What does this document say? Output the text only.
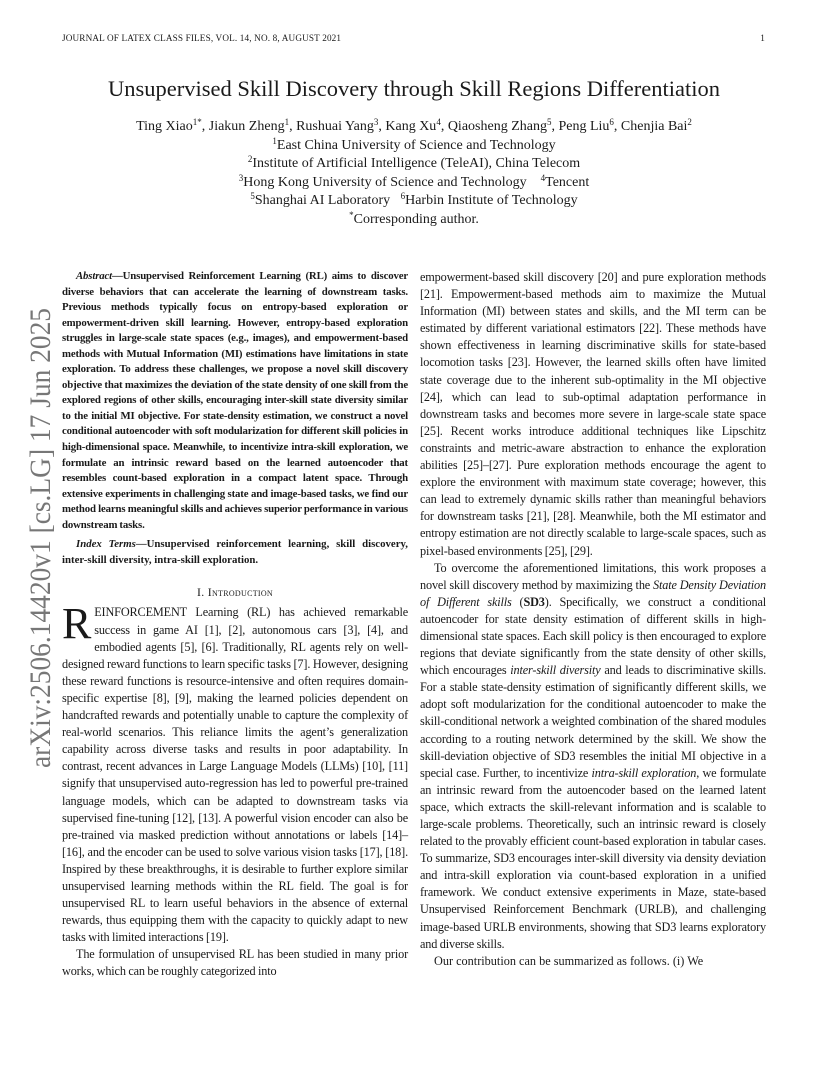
JOURNAL OF LATEX CLASS FILES, VOL. 14, NO. 8, AUGUST 2021	1
arXiv:2506.14420v1 [cs.LG] 17 Jun 2025
Unsupervised Skill Discovery through Skill Regions Differentiation
Ting Xiao$^{1*}$, Jiakun Zheng$^1$, Rushuai Yang$^3$, Kang Xu$^4$, Qiaosheng Zhang$^5$, Peng Liu$^6$, Chenjia Bai$^2$
$^1$East China University of Science and Technology
$^2$Institute of Artificial Intelligence (TeleAI), China Telecom
$^3$Hong Kong University of Science and Technology $^4$Tencent
$^5$Shanghai AI Laboratory $^6$Harbin Institute of Technology
*Corresponding author.

Abstract—Unsupervised Reinforcement Learning (RL) aims to discover diverse behaviors that can accelerate the learning of downstream tasks. Previous methods typically focus on entropy-based exploration or empowerment-driven skill learning. However, entropy-based exploration struggles in large-scale state spaces (e.g., images), and empowerment-based methods with Mutual Information (MI) estimations have limitations in state exploration. To address these challenges, we propose a novel skill discovery objective that maximizes the deviation of the state density of one skill from the explored regions of other skills, encouraging inter-skill state diversity similar to the initial MI objective. For state-density estimation, we construct a novel conditional autoencoder with soft modularization for different skill policies in high-dimensional space. Meanwhile, to incentivize intra-skill exploration, we formulate an intrinsic reward based on the learned autoencoder that resembles count-based exploration in a compact latent space. Through extensive experiments in challenging state and image-based tasks, we find our method learns meaningful skills and achieves superior performance in various downstream tasks.

Index Terms—Unsupervised reinforcement learning, skill discovery, inter-skill diversity, intra-skill exploration.

I. Introduction

REINFORCEMENT Learning (RL) has achieved remarkable success in game AI [1], [2], autonomous cars [3], [4], and embodied agents [5], [6]. Traditionally, RL agents rely on well-designed reward functions to learn specific tasks [7]. However, designing these reward functions is resource-intensive and often requires domain-specific expertise [8], [9], making the learned policies dependent on handcrafted rewards and potentially unable to capture the complexity of real-world scenarios. This reliance limits the agent’s generalization capability across diverse tasks and results in poor adaptability. In contrast, recent advances in Large Language Models (LLMs) [10], [11] signify that unsupervised auto-regression has led to powerful pre-trained language models, which can be adapted to downstream tasks via supervised fine-tuning [12], [13]. A powerful vision encoder can also be pre-trained via masked prediction without annotations or labels [14]–[16], and the encoder can be used to solve various vision tasks [17], [18]. Inspired by these breakthroughs, it is desirable to further explore similar unsupervised learning methods within the RL field. The goal is for unsupervised RL to learn useful behaviors in the absence of external rewards, thus equipping them with the capacity to quickly adapt to new tasks with limited interactions [19].

The formulation of unsupervised RL has been studied in many prior works, which can be roughly categorized into

empowerment-based skill discovery [20] and pure exploration methods [21]. Empowerment-based methods aim to maximize the Mutual Information (MI) between states and skills, and the MI term can be estimated by different variational estimators [22]. These methods have shown effectiveness in learning discriminative skills for state-based locomotion tasks [23]. However, the learned skills often have limited state coverage due to the inherent sub-optimality in the MI objective [24], which can lead to sub-optimal adaptation performance in downstream tasks and becomes more severe in large-scale state space [25]. Recent works introduce additional techniques like Lipschitz constraints and metric-aware abstraction to enhance the exploration abilities [25]–[27]. Pure exploration methods encourage the agent to explore the environment with maximum state coverage; however, this can lead to extremely dynamic skills rather than meaningful behaviors for downstream tasks [21], [28]. Meanwhile, both the MI estimator and entropy estimation are not directly scalable to large-scale spaces, such as pixel-based environments [25], [29].

To overcome the aforementioned limitations, this work proposes a novel skill discovery method by maximizing the State Density Deviation of Different skills (SD3). Specifically, we construct a conditional autoencoder for state density estimation of different skills in high-dimensional state spaces. Each skill policy is then encouraged to explore regions that deviate significantly from the state density of other skills, which encourages inter-skill diversity and leads to discriminative skills. For a stable state-density estimation of significantly different skills, we adopt soft modularization for the conditional autoencoder to make the skill-conditional network a weighted combination of the shared modules according to a routing network determined by the skill. We show the skill-deviation objective of SD3 resembles the initial MI objective in a special case. Further, to incentivize intra-skill exploration, we formulate an intrinsic reward from the autoencoder based on the learned latent space, which extracts the skill-relevant information and is scalable to large-scale problems. Theoretically, such an intrinsic reward is closely related to the provably efficient count-based exploration in tabular cases. To summarize, SD3 encourages inter-skill diversity via density deviation and intra-skill exploration via count-based exploration in a unified framework. We conduct extensive experiments in Maze, state-based Unsupervised Reinforcement Benchmark (URLB), and challenging image-based URLB environments, showing that SD3 learns exploratory and diverse skills.

Our contribution can be summarized as follows. (i) We
